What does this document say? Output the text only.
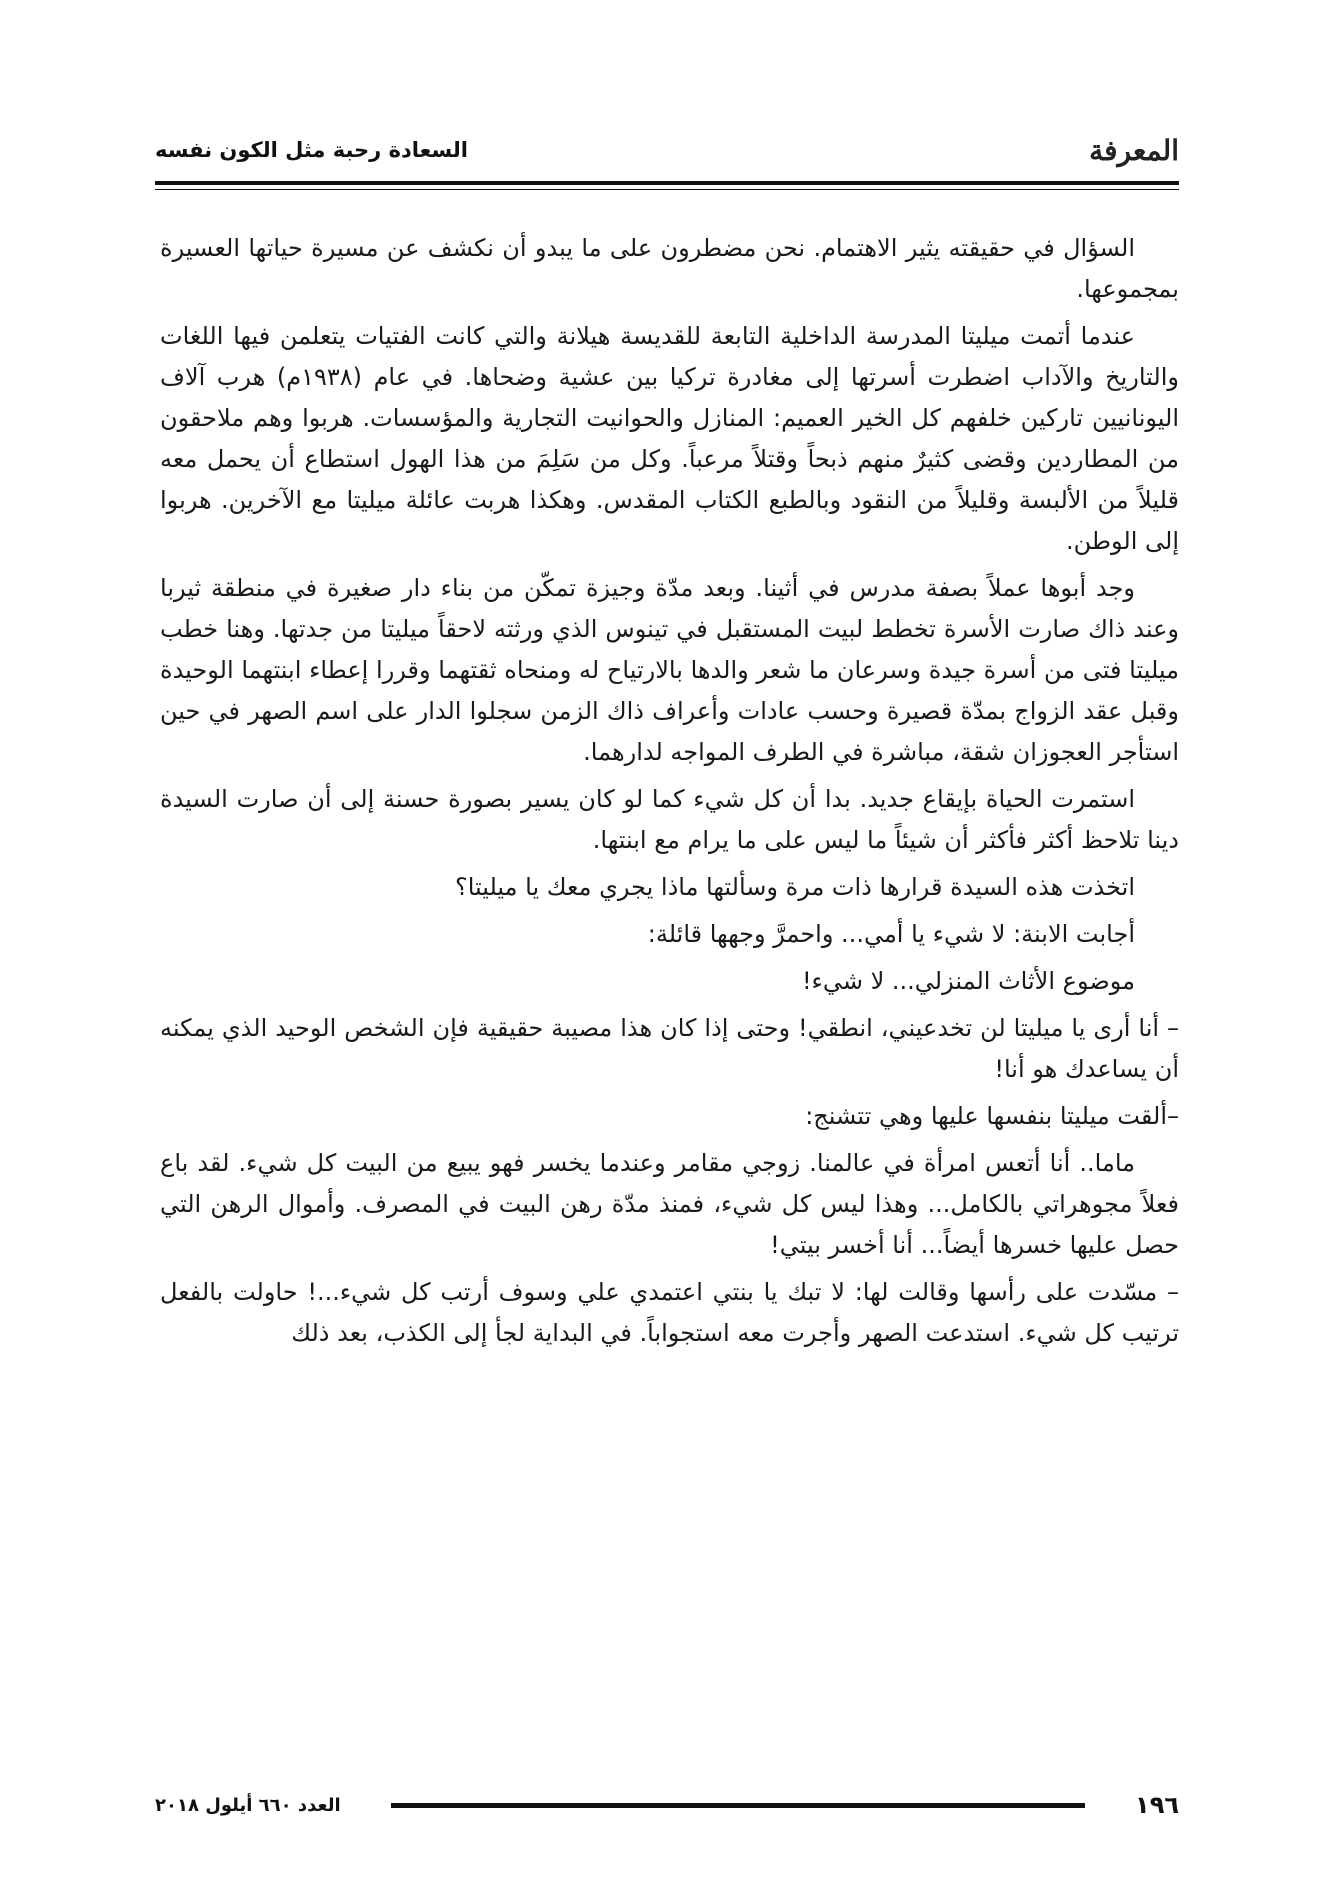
المعرفة
السعادة رحبة مثل الكون نفسه

السؤال في حقيقته يثير الاهتمام. نحن مضطرون على ما يبدو أن نكشف عن مسيرة حياتها العسيرة بمجموعها.

عندما أتمت ميليتا المدرسة الداخلية التابعة للقديسة هيلانة والتي كانت الفتيات يتعلمن فيها اللغات والتاريخ والآداب اضطرت أسرتها إلى مغادرة تركيا بين عشية وضحاها. في عام (١٩٣٨م) هرب آلاف اليونانيين تاركين خلفهم كل الخير العميم: المنازل والحوانيت التجارية والمؤسسات. هربوا وهم ملاحقون من المطاردين وقضى كثيرٌ منهم ذبحاً وقتلاً مرعباً. وكل من سَلِمَ من هذا الهول استطاع أن يحمل معه قليلاً من الألبسة وقليلاً من النقود وبالطبع الكتاب المقدس. وهكذا هربت عائلة ميليتا مع الآخرين. هربوا إلى الوطن.

وجد أبوها عملاً بصفة مدرس في أثينا. وبعد مدّة وجيزة تمكّن من بناء دار صغيرة في منطقة ثيربا وعند ذاك صارت الأسرة تخطط لبيت المستقبل في تينوس الذي ورثته لاحقاً ميليتا من جدتها. وهنا خطب ميليتا فتى من أسرة جيدة وسرعان ما شعر والدها بالارتياح له ومنحاه ثقتهما وقررا إعطاء ابنتهما الوحيدة وقبل عقد الزواج بمدّة قصيرة وحسب عادات وأعراف ذاك الزمن سجلوا الدار على اسم الصهر في حين استأجر العجوزان شقة، مباشرة في الطرف المواجه لدارهما.

استمرت الحياة بإيقاع جديد. بدا أن كل شيء كما لو كان يسير بصورة حسنة إلى أن صارت السيدة دينا تلاحظ أكثر فأكثر أن شيئاً ما ليس على ما يرام مع ابنتها.

اتخذت هذه السيدة قرارها ذات مرة وسألتها ماذا يجري معك يا ميليتا؟

أجابت الابنة: لا شيء يا أمي... واحمرَّ وجهها قائلة:

موضوع الأثاث المنزلي... لا شيء!

– أنا أرى يا ميليتا لن تخدعيني، انطقي! وحتى إذا كان هذا مصيبة حقيقية فإن الشخص الوحيد الذي يمكنه أن يساعدك هو أنا!

–ألقت ميليتا بنفسها عليها وهي تتشنج:

ماما.. أنا أتعس امرأة في عالمنا. زوجي مقامر وعندما يخسر فهو يبيع من البيت كل شيء. لقد باع فعلاً مجوهراتي بالكامل... وهذا ليس كل شيء، فمنذ مدّة رهن البيت في المصرف. وأموال الرهن التي حصل عليها خسرها أيضاً... أنا أخسر بيتي!

– مسّدت على رأسها وقالت لها: لا تبك يا بنتي اعتمدي علي وسوف أرتب كل شيء...! حاولت بالفعل ترتيب كل شيء. استدعت الصهر وأجرت معه استجواباً. في البداية لجأ إلى الكذب، بعد ذلك

١٩٦
العدد ٦٦٠ أيلول ٢٠١٨
